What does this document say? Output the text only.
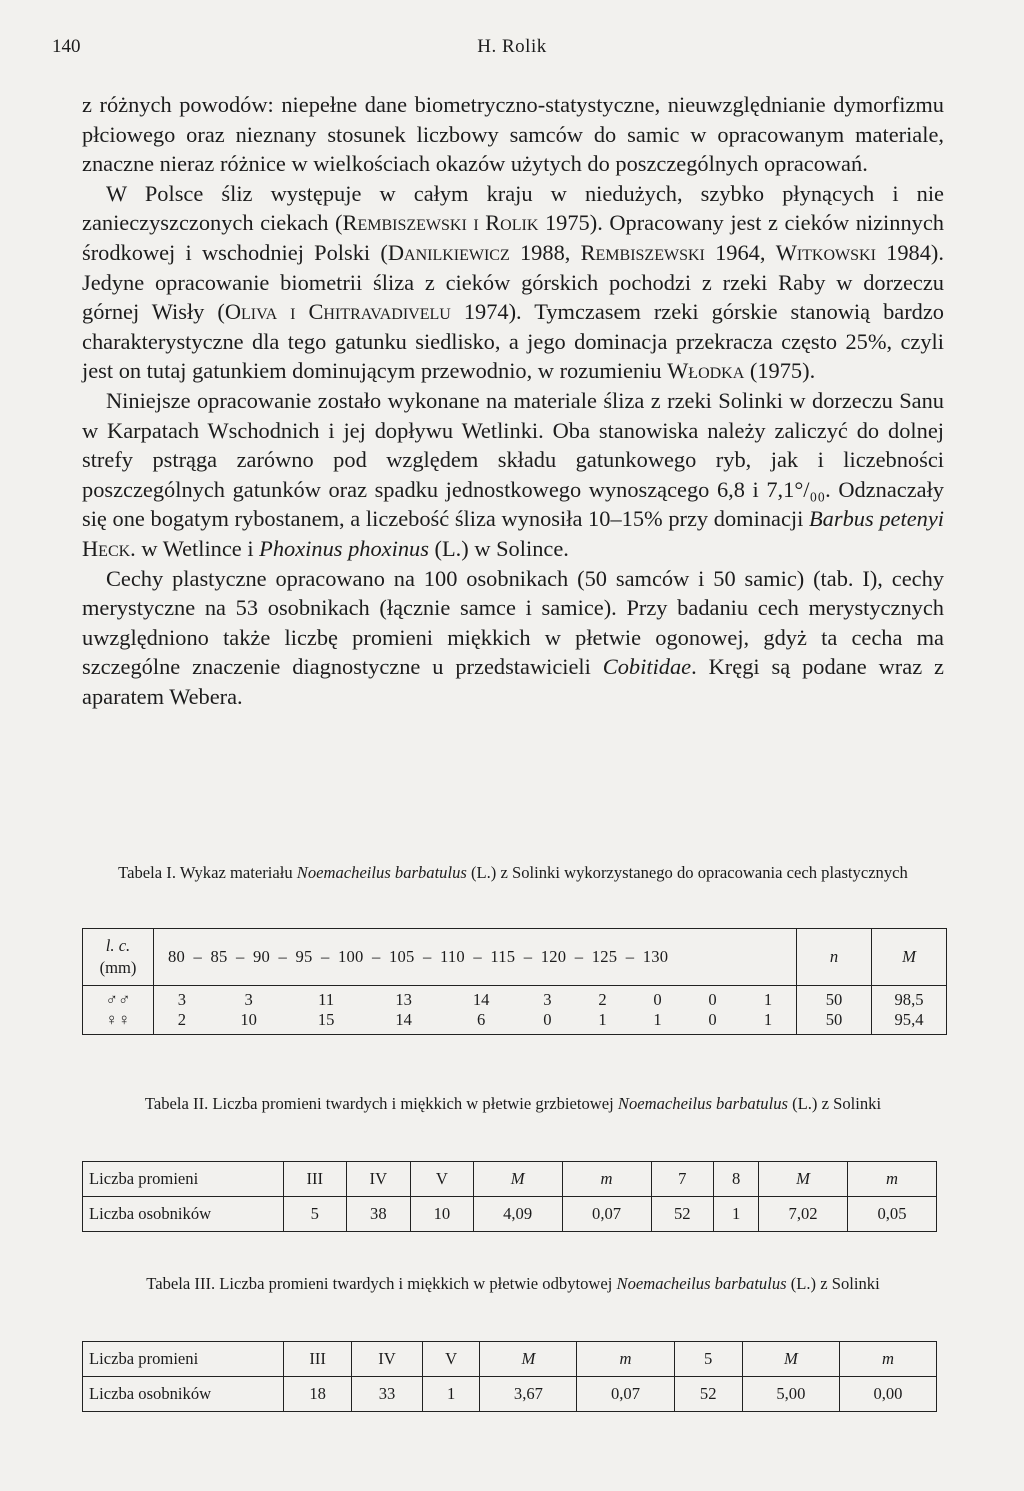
140	H. Rolik

z różnych powodów: niepełne dane biometryczno-statystyczne, nieuwzględnianie dymorfizmu płciowego oraz nieznany stosunek liczbowy samców do samic w opracowanym materiale, znaczne nieraz różnice w wielkościach okazów użytych do poszczególnych opracowań.

W Polsce śliz występuje w całym kraju w niedużych, szybko płynących i nie zanieczyszczonych ciekach (Rembiszewski i Rolik 1975). Opracowany jest z cieków nizinnych środkowej i wschodniej Polski (Danilkiewicz 1988, Rembiszewski 1964, Witkowski 1984). Jedyne opracowanie biometrii śliza z cieków górskich pochodzi z rzeki Raby w dorzeczu górnej Wisły (Oliva i Chitravadivelu 1974). Tymczasem rzeki górskie stanowią bardzo charakterystyczne dla tego gatunku siedlisko, a jego dominacja przekracza często 25%, czyli jest on tutaj gatunkiem dominującym przewodnio, w rozumieniu Włodka (1975).

Niniejsze opracowanie zostało wykonane na materiale śliza z rzeki Solinki w dorzeczu Sanu w Karpatach Wschodnich i jej dopływu Wetlinki. Oba stanowiska należy zaliczyć do dolnej strefy pstrąga zarówno pod względem składu gatunkowego ryb, jak i liczebności poszczególnych gatunków oraz spadku jednostkowego wynoszącego 6,8 i 7,1°/₀₀. Odznaczały się one bogatym rybostanem, a liczebość śliza wynosiła 10–15% przy dominacji Barbus petenyi Heck. w Wetlince i Phoxinus phoxinus (L.) w Solince.

Cechy plastyczne opracowano na 100 osobnikach (50 samców i 50 samic) (tab. I), cechy merystyczne na 53 osobnikach (łącznie samce i samice). Przy badaniu cech merystycznych uwzględniono także liczbę promieni miękkich w płetwie ogonowej, gdyż ta cecha ma szczególne znaczenie diagnostyczne u przedstawicieli Cobitidae. Kręgi są podane wraz z aparatem Webera.

Tabela I. Wykaz materiału Noemacheilus barbatulus (L.) z Solinki wykorzystanego do opracowania cech plastycznych
l. c.
(mm)	80 – 85 – 90 – 95 – 100 – 105 – 110 – 115 – 120 – 125 – 130										n	M
♂♂	3	3	11	13	14	3	2	0	0	1	50	98,5
♀♀	2	10	15	14	6	0	1	1	0	1	50	95,4
Tabela II. Liczba promieni twardych i miękkich w płetwie grzbietowej Noemacheilus barbatulus (L.) z Solinki
Liczba promieni	III	IV	V	M	m	7	8	M	m
Liczba osobników	5	38	10	4,09	0,07	52	1	7,02	0,05
Tabela III. Liczba promieni twardych i miękkich w płetwie odbytowej Noemacheilus barbatulus (L.) z Solinki
Liczba promieni	III	IV	V	M	m	5	M	m
Liczba osobników	18	33	1	3,67	0,07	52	5,00	0,00
